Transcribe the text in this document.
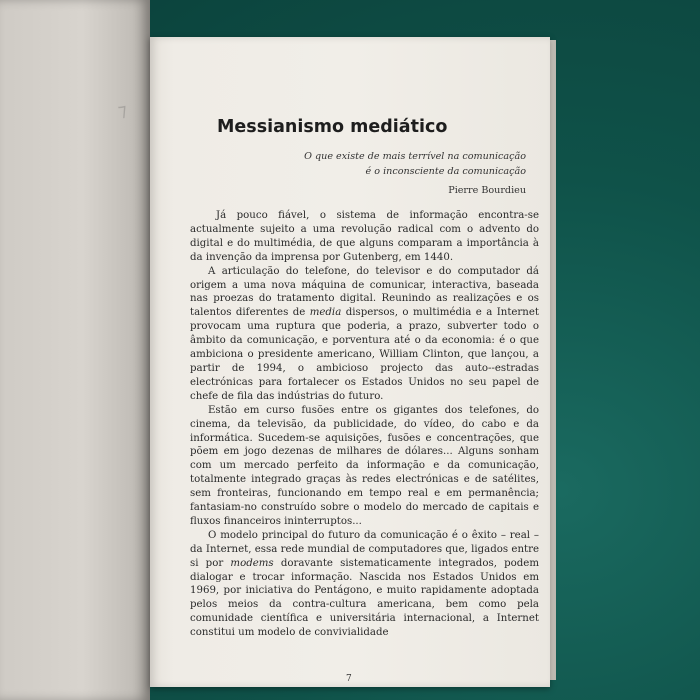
⁊
Messianismo mediático
O que existe de mais terrível na comunicação
é o inconsciente da comunicação
Pierre Bourdieu

Já pouco fiável, o sistema de informação encontra-se actualmente sujeito a uma revolução radical com o advento do digital e do multimédia, de que alguns comparam a importância à da invenção da imprensa por Gutenberg, em 1440.

A articulação do telefone, do televisor e do computador dá origem a uma nova máquina de comunicar, interactiva, baseada nas proezas do tratamento digital. Reunindo as realizações e os talentos diferentes de media dispersos, o multimédia e a Internet provocam uma ruptura que poderia, a prazo, subverter todo o âmbito da comunicação, e porventura até o da economia: é o que ambiciona o presidente americano, William Clinton, que lançou, a partir de 1994, o ambicioso projecto das auto--estradas electrónicas para fortalecer os Estados Unidos no seu papel de chefe de fila das indústrias do futuro.

Estão em curso fusões entre os gigantes dos telefones, do cinema, da televisão, da publicidade, do vídeo, do cabo e da informática. Sucedem-se aquisições, fusões e concentrações, que põem em jogo dezenas de milhares de dólares... Alguns sonham com um mercado perfeito da informação e da comunicação, totalmente integrado graças às redes electrónicas e de satélites, sem fronteiras, funcionando em tempo real e em permanência; fantasiam-no construído sobre o modelo do mercado de capitais e fluxos financeiros ininterruptos...

O modelo principal do futuro da comunicação é o êxito – real – da Internet, essa rede mundial de computadores que, ligados entre si por modems doravante sistematicamente integrados, podem dialogar e trocar informação. Nascida nos Estados Unidos em 1969, por iniciativa do Pentágono, e muito rapidamente adoptada pelos meios da contra-cultura americana, bem como pela comunidade científica e universitária internacional, a Internet constitui um modelo de convivialidade

7
